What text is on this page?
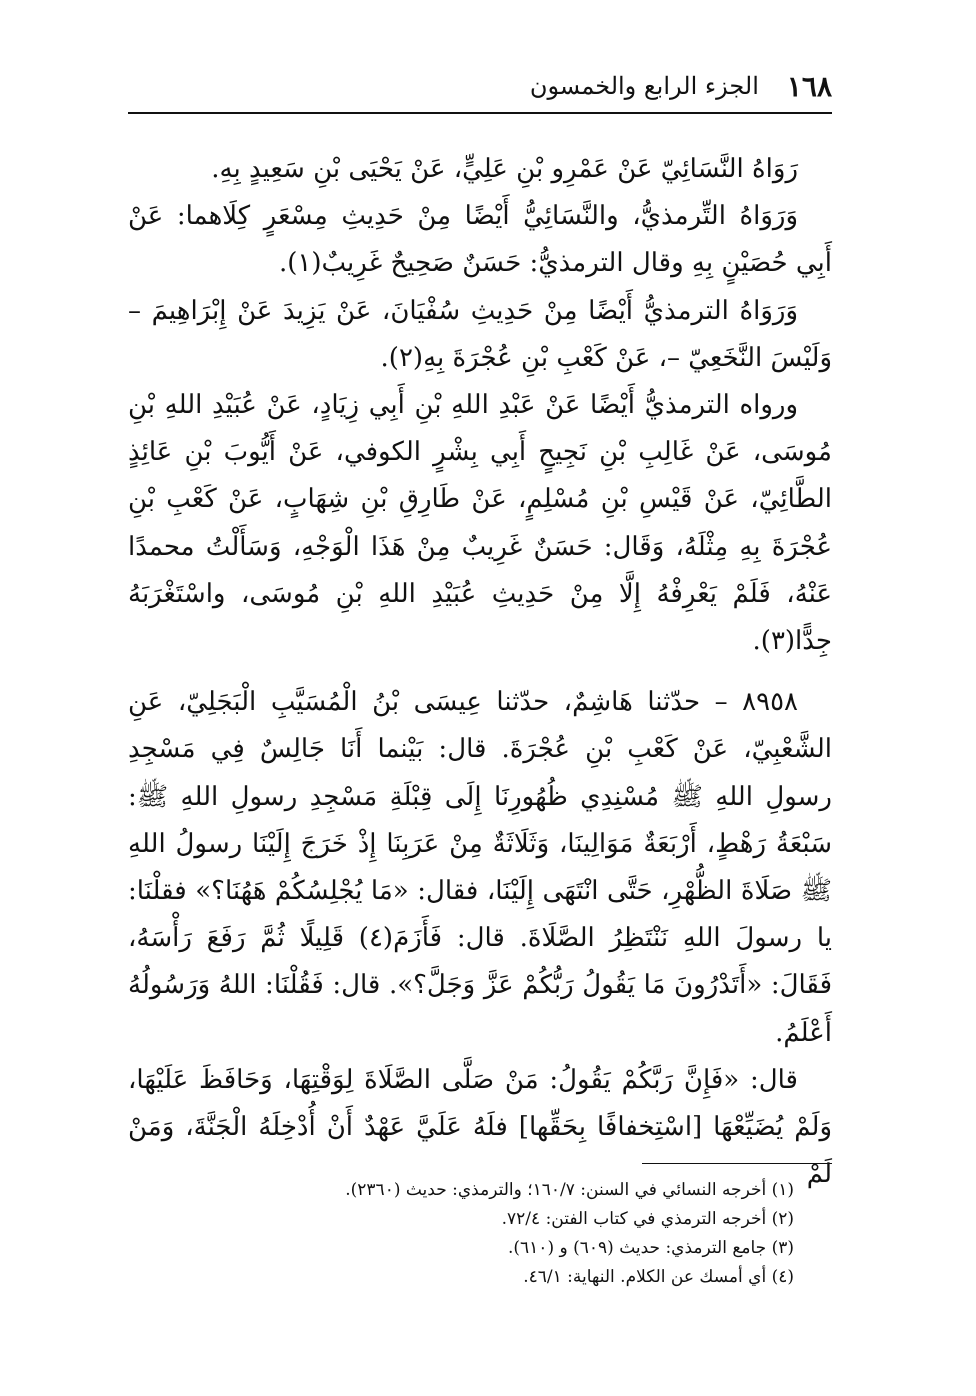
١٦٨
الجزء الرابع والخمسون

رَوَاهُ النَّسَائِيّ عَنْ عَمْرِو بْنِ عَلِيٍّ، عَنْ يَحْيَى بْنِ سَعِيدٍ بِهِ.

وَرَوَاهُ التِّرمذيُّ، والنَّسَائِيُّ أَيْضًا مِنْ حَدِيثِ مِسْعَرٍ كِلَاهما: عَنْ أَبِي حُصَيْنٍ بِهِ وقال الترمذيُّ: حَسَنٌ صَحِيحٌ غَرِيبٌ(١).

وَرَوَاهُ الترمذيُّ أَيْضًا مِنْ حَدِيثِ سُفْيَانَ، عَنْ يَزِيدَ عَنْ إِبْرَاهِيمَ – وَلَيْسَ النَّخَعِيّ –، عَنْ كَعْبِ بْنِ عُجْرَةَ بِهِ(٢).

ورواه الترمذيُّ أَيْضًا عَنْ عَبْدِ اللهِ بْنِ أَبِي زِيَادٍ، عَنْ عُبَيْدِ اللهِ بْنِ مُوسَى، عَنْ غَالِبِ بْنِ نَجِيحٍ أَبِي بِشْرٍ الكوفي، عَنْ أَيُّوبَ بْنِ عَائِذٍ الطَّائِيّ، عَنْ قَيْسِ بْنِ مُسْلِمٍ، عَنْ طَارِقِ بْنِ شِهَابٍ، عَنْ كَعْبِ بْنِ عُجْرَةَ بِهِ مِثْلَهُ، وَقَال: حَسَنٌ غَرِيبٌ مِنْ هَذَا الْوَجْهِ، وَسَأَلْتُ محمدًا عَنْهُ، فَلَمْ يَعْرِفْهُ إِلَّا مِنْ حَدِيثِ عُبَيْدِ اللهِ بْنِ مُوسَى، واسْتَغْرَبَهُ جِدًّا(٣).

٨٩٥٨ – حدّثنا هَاشِمٌ، حدّثنا عِيسَى بْنُ الْمُسَيَّبِ الْبَجَلِيّ، عَنِ الشَّعْبِيّ، عَنْ كَعْبِ بْنِ عُجْرَةَ. قال: بَيْنما أَنَا جَالِسٌ فِي مَسْجِدِ رسولِ اللهِ ﷺ مُسْنِدِي ظُهُورِنَا إِلَى قِبْلَةِ مَسْجِدِ رسولِ اللهِ ﷺ: سَبْعَةُ رَهْطٍ، أَرْبَعَةٌ مَوَالِينَا، وَثَلَاثَةٌ مِنْ عَرَبِنَا إِذْ خَرَجَ إِلَيْنَا رسولُ اللهِ ﷺ صَلَاةَ الظُّهْرِ، حَتَّى انْتَهَى إِلَيْنَا، فقال: «مَا يُجْلِسُكُمْ هَهُنَا؟» فقلْنَا: يا رسولَ اللهِ نَنْتَظِرُ الصَّلَاةَ. قال: فَأَزَمَ(٤) قَلِيلًا ثُمَّ رَفَعَ رَأْسَهُ، فَقَالَ: «أَتَدْرُونَ مَا يَقُولُ رَبُّكُمْ عَزَّ وَجَلَّ؟». قال: فَقُلْنَا: اللهُ وَرَسُولُهُ أَعْلَمُ.

قال: «فَإِنَّ رَبَّكُمْ يَقُولُ: مَنْ صَلَّى الصَّلَاةَ لِوَقْتِهَا، وَحَافَظَ عَلَيْهَا، وَلَمْ يُضَيِّعْهَا [اسْتِخفافًا بِحَقِّها] فلَهُ عَلَيَّ عَهْدٌ أَنْ أُدْخِلَهُ الْجَنَّةَ، وَمَنْ لَمْ

(١) أخرجه النسائي في السنن: ١٦٠/٧؛ والترمذي: حديث (٢٣٦٠).

(٢) أخرجه الترمذي في كتاب الفتن: ٧٢/٤.

(٣) جامع الترمذي: حديث (٦٠٩) و (٦١٠).

(٤) أي أمسك عن الكلام. النهاية: ٤٦/١.
